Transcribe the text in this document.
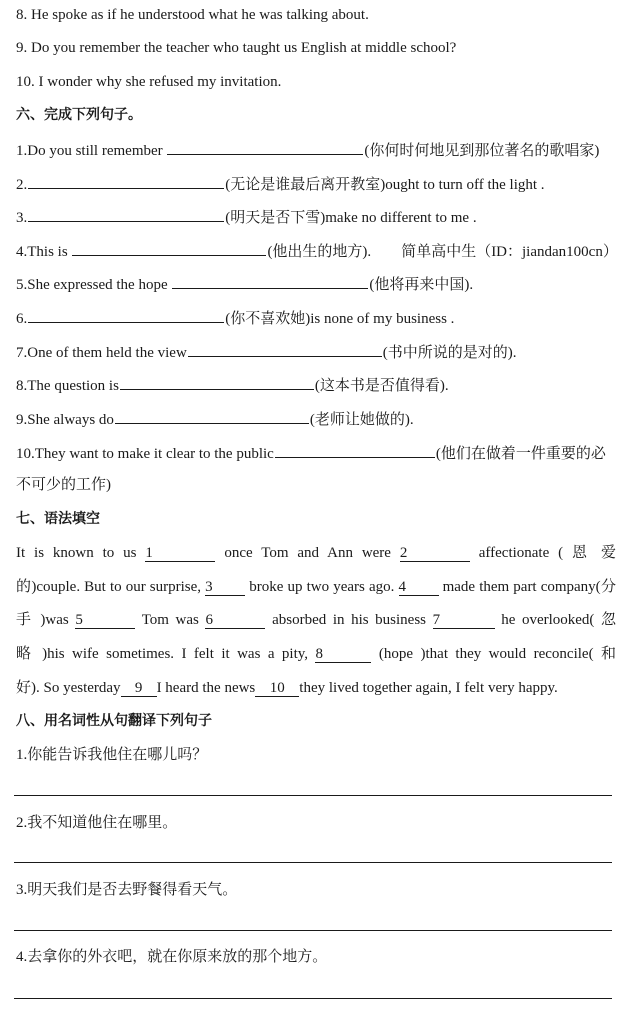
8. He spoke as if he understood what he was talking about.
9. Do you remember the teacher who taught us English at middle school?
10. I wonder why she refused my invitation.
六、完成下列句子。
1.Do you still remember	(你何时何地见到那位著名的歌唱家)
2.	(无论是谁最后离开教室)ought to turn off the light .
3.	(明天是否下雪)make no different to me .
4.This is	(他出生的地方). 简单高中生（ID：jiandan100cn）
5.She expressed the hope	(他将再来中国).
6.	(你不喜欢她)is none of my business .
7.One of them held the view	(书中所说的是对的).
8.The question is	(这本书是否值得看).
9.She always do	(老师让她做的).
10.They want to make it clear to the public	(他们在做着一件重要的必
不可少的工作)
七、语法填空
It is known to us 1	once Tom and Ann were 2	affectionate ( 恩 爱
的)couple. But to our surprise, 3 broke up two years ago. 4 made them part company(分
手 )was 5	Tom was 6	absorbed in his business 7	he overlooked( 忽
略 )his wife sometimes. I felt it was a pity, 8	(hope )that they would reconcile( 和
好). So yesterday 9 I heard the news 10 they lived together again, I felt very happy.
八、用名词性从句翻译下列句子
1.你能告诉我他住在哪儿吗？
2.我不知道他住在哪里。
3.明天我们是否去野餐得看天气。
4.去拿你的外衣吧，就在你原来放的那个地方。
